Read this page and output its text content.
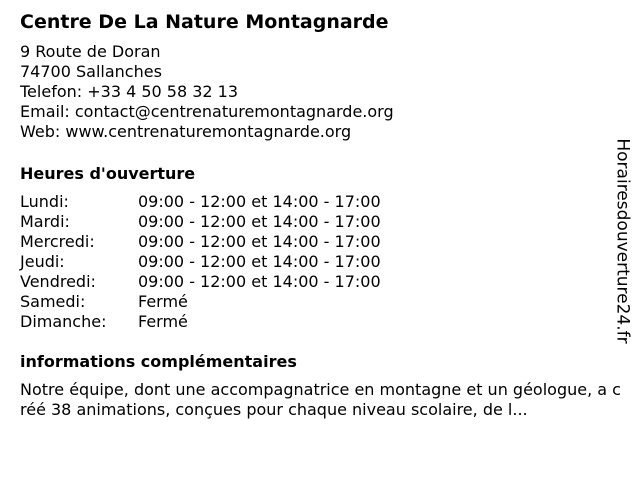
Centre De La Nature Montagnarde
9 Route de Doran
74700 Sallanches
Telefon: +33 4 50 58 32 13
Email: contact@centrenaturemontagnarde.org
Web: www.centrenaturemontagnarde.org
Heures d'ouverture
Lundi:	09:00 - 12:00 et 14:00 - 17:00
Mardi:	09:00 - 12:00 et 14:00 - 17:00
Mercredi:	09:00 - 12:00 et 14:00 - 17:00
Jeudi:	09:00 - 12:00 et 14:00 - 17:00
Vendredi:	09:00 - 12:00 et 14:00 - 17:00
Samedi:	Fermé
Dimanche:	Fermé
informations complémentaires
Notre équipe, dont une accompagnatrice en montagne et un géologue, a créé 38 animations, conçues pour chaque niveau scolaire, de l...
Horairesdouverture24.fr
